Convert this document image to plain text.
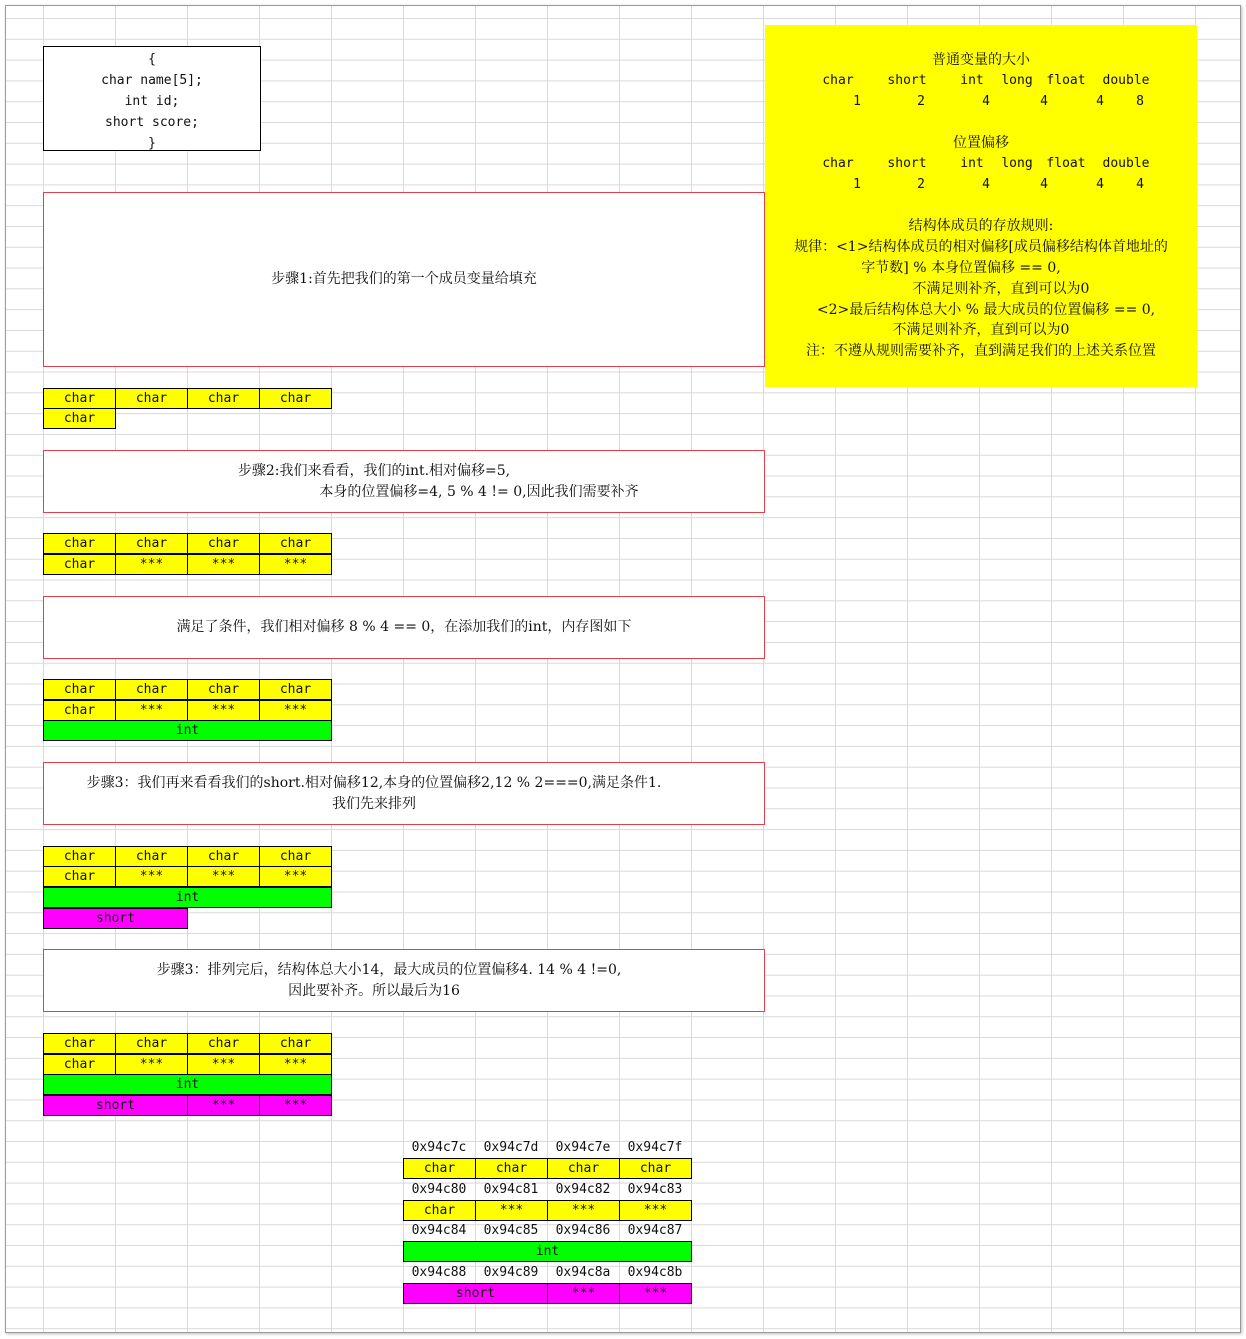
{
char name[5];
int id;
short score;
}
普通变量的大小
char	short	int	long	float	double
1	2	4	4	4	8
位置偏移
char	short	int	long	float	double
1	2	4	4	4	4
结构体成员的存放规则:
规律：<1>结构体成员的相对偏移[成员偏移结构体首地址的
字节数] % 本身位置偏移 == 0,
不满足则补齐，直到可以为0
<2>最后结构体总大小 % 最大成员的位置偏移 == 0,
不满足则补齐，直到可以为0
注：不遵从规则需要补齐，直到满足我们的上述关系位置
步骤1:首先把我们的第一个成员变量给填充
char	char	char	char
char
步骤2:我们来看看，我们的int.相对偏移=5,
本身的位置偏移=4, 5 % 4 != 0,因此我们需要补齐
char	char	char	char
char	***	***	***
满足了条件，我们相对偏移 8 % 4 == 0，在添加我们的int，内存图如下
char	char	char	char
char	***	***	***
int
步骤3：我们再来看看我们的short.相对偏移12,本身的位置偏移2,12 % 2===0,满足条件1.
我们先来排列
char	char	char	char
char	***	***	***
int
short
步骤3：排列完后，结构体总大小14，最大成员的位置偏移4. 14 % 4 !=0,
因此要补齐。所以最后为16
char	char	char	char
char	***	***	***
int
short	***	***
0x94c7c	0x94c7d	0x94c7e	0x94c7f
char	char	char	char
0x94c80	0x94c81	0x94c82	0x94c83
char	***	***	***
0x94c84	0x94c85	0x94c86	0x94c87
int
0x94c88	0x94c89	0x94c8a	0x94c8b
short	***	***
